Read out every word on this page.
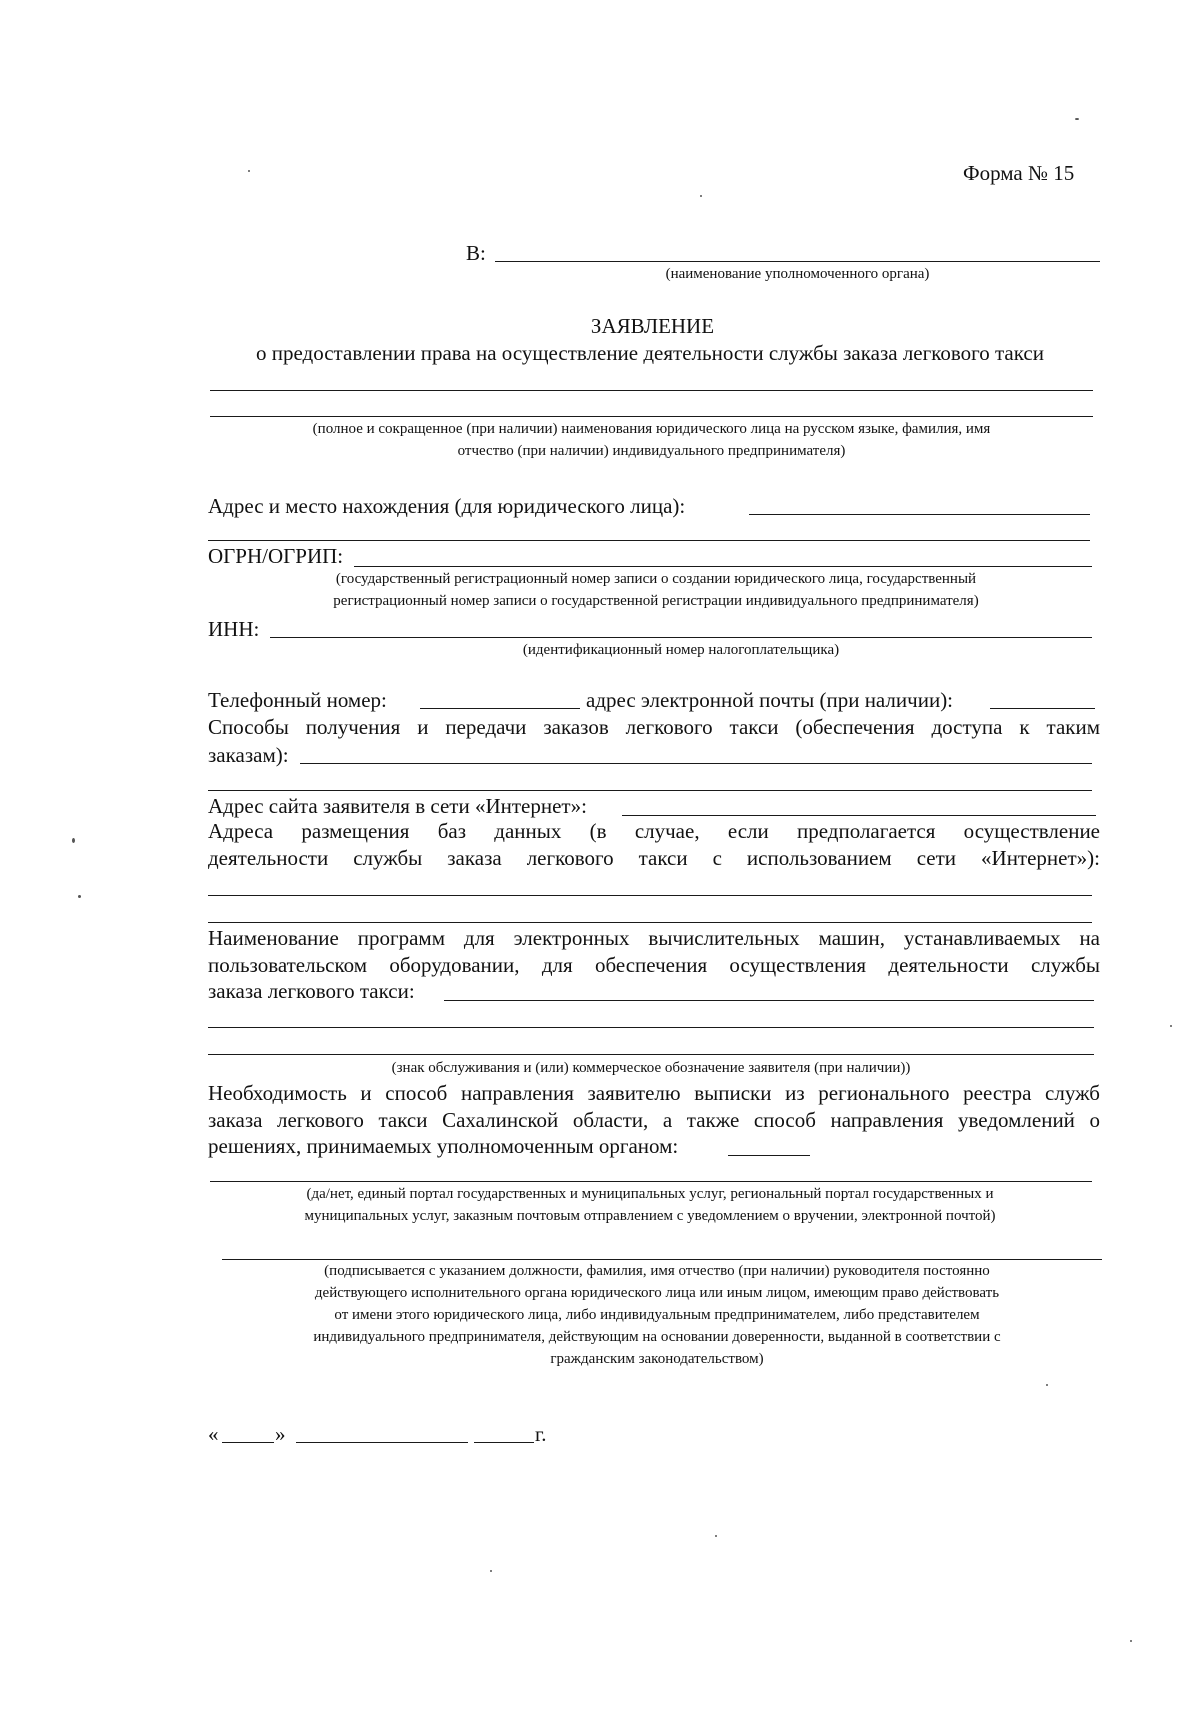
Форма № 15
В:
(наименование уполномоченного органа)
ЗАЯВЛЕНИЕ
о предоставлении права на осуществление деятельности службы заказа легкового такси
(полное и сокращенное (при наличии) наименования юридического лица на русском языке, фамилия, имя
отчество (при наличии) индивидуального предпринимателя)
Адрес и место нахождения (для юридического лица):
ОГРН/ОГРИП:
(государственный регистрационный номер записи о создании юридического лица, государственный
регистрационный номер записи о государственной регистрации индивидуального предпринимателя)
ИНН:
(идентификационный номер налогоплательщика)
Телефонный номер:	адрес электронной почты (при наличии):
Способы получения и передачи заказов легкового такси (обеспечения доступа к таким
заказам):
Адрес сайта заявителя в сети «Интернет»:
Адреса размещения баз данных (в случае, если предполагается осуществление
деятельности службы заказа легкового такси с использованием сети «Интернет»):
Наименование программ для электронных вычислительных машин, устанавливаемых на
пользовательском оборудовании, для обеспечения осуществления деятельности службы
заказа легкового такси:
(знак обслуживания и (или) коммерческое обозначение заявителя (при наличии))
Необходимость и способ направления заявителю выписки из регионального реестра служб
заказа легкового такси Сахалинской области, а также способ направления уведомлений о
решениях, принимаемых уполномоченным органом:
(да/нет, единый портал государственных и муниципальных услуг, региональный портал государственных и
муниципальных услуг, заказным почтовым отправлением с уведомлением о вручении, электронной почтой)
(подписывается с указанием должности, фамилия, имя отчество (при наличии) руководителя постоянно
действующего исполнительного органа юридического лица или иным лицом, имеющим право действовать
от имени этого юридического лица, либо индивидуальным предпринимателем, либо представителем
индивидуального предпринимателя, действующим на основании доверенности, выданной в соответствии с
гражданским законодательством)
«	»	г.
